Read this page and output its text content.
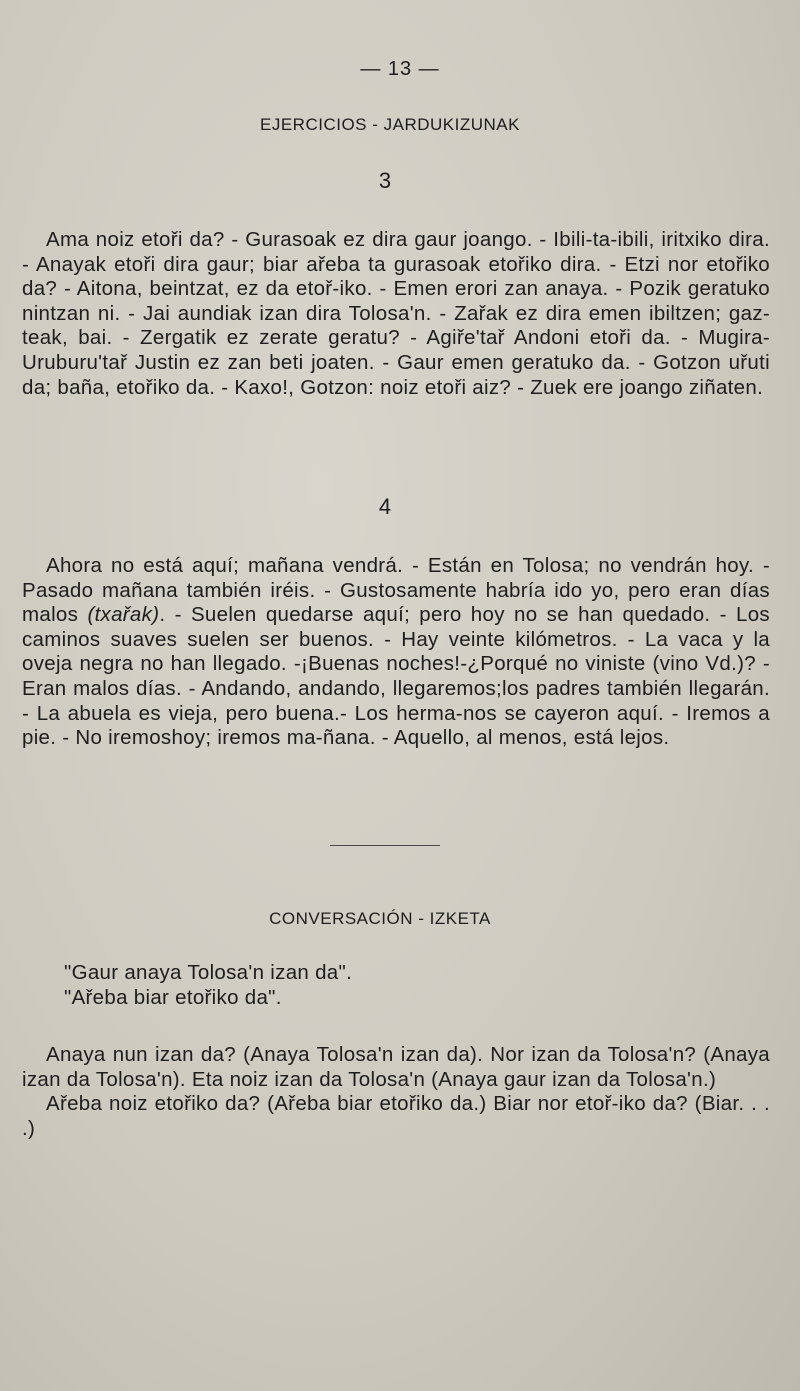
— 13 —
EJERCICIOS - JARDUKIZUNAK
3

Ama noiz etoři da? - Gurasoak ez dira gaur joango. - Ibili-ta-ibili, iritxiko dira. - Anayak etoři dira gaur; biar ařeba ta gurasoak etořiko dira. - Etzi nor etořiko da? - Aitona, beintzat, ez da etoř-iko. - Emen erori zan anaya. - Pozik geratuko nintzan ni. - Jai aundiak izan dira Tolosa'n. - Zařak ez dira emen ibiltzen; gaz-teak, bai. - Zergatik ez zerate geratu? - Agiře'tař Andoni etoři da. - Mugira-Uruburu'tař Justin ez zan beti joaten. - Gaur emen geratuko da. - Gotzon uřuti da; baña, etořiko da. - Kaxo!, Gotzon: noiz etoři aiz? - Zuek ere joango ziñaten.

4

Ahora no está aquí; mañana vendrá. - Están en Tolosa; no vendrán hoy. - Pasado mañana también iréis. - Gustosamente habría ido yo, pero eran días malos (txařak). - Suelen quedarse aquí; pero hoy no se han quedado. - Los caminos suaves suelen ser buenos. - Hay veinte kilómetros. - La vaca y la oveja negra no han llegado. -¡Buenas noches!-¿Porqué no viniste (vino Vd.)? - Eran malos días. - Andando, andando, llegaremos;los padres también llegarán. - La abuela es vieja, pero buena.- Los herma-nos se cayeron aquí. - Iremos a pie. - No iremoshoy; iremos ma-ñana. - Aquello, al menos, está lejos.

CONVERSACIÓN - IZKETA
"Gaur anaya Tolosa'n izan da".
"Ařeba biar etořiko da".

Anaya nun izan da? (Anaya Tolosa'n izan da). Nor izan da Tolosa'n? (Anaya izan da Tolosa'n). Eta noiz izan da Tolosa'n (Anaya gaur izan da Tolosa'n.)

Ařeba noiz etořiko da? (Ařeba biar etořiko da.) Biar nor etoř-iko da? (Biar. . . .)
